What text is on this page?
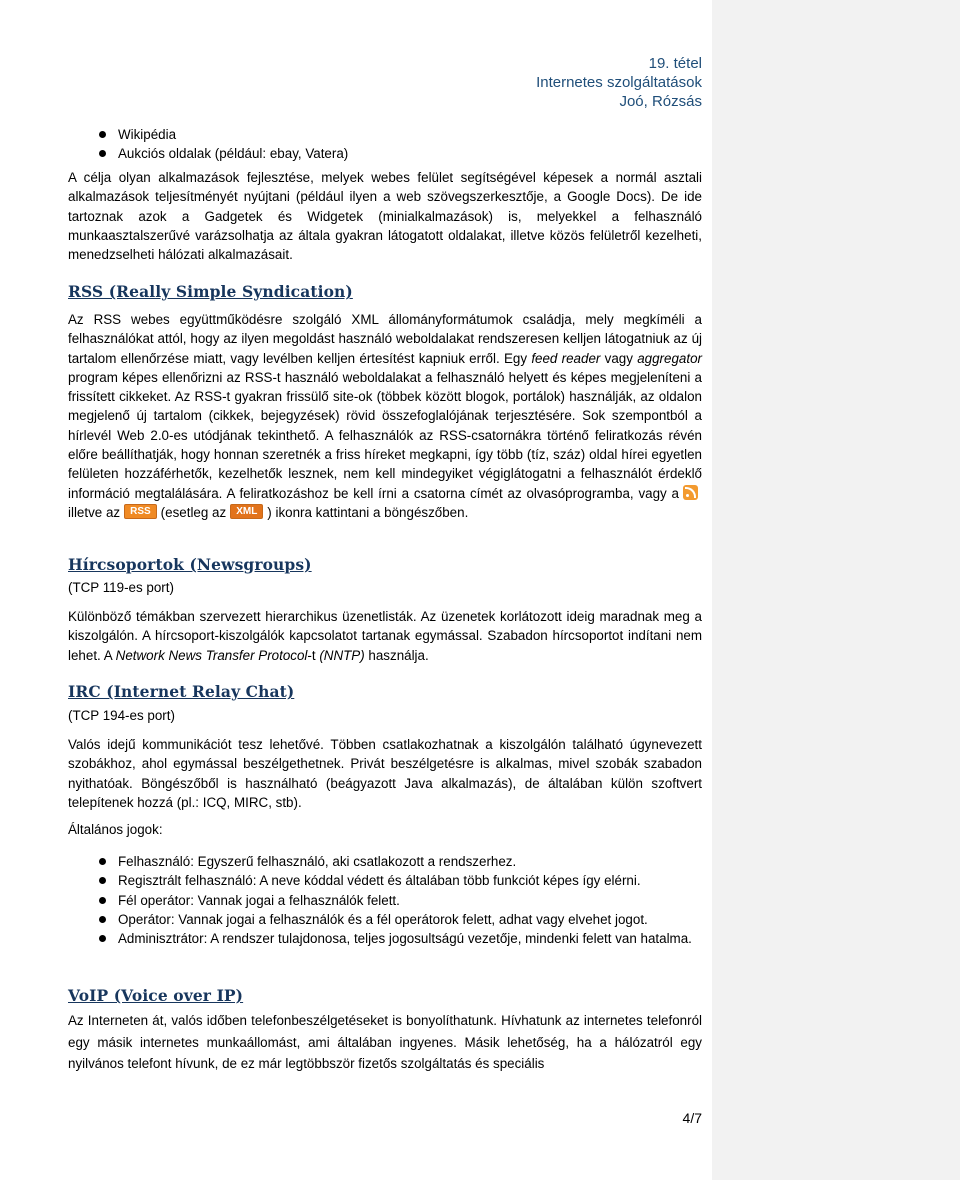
19. tétel
Internetes szolgáltatások
Joó, Rózsás
Wikipédia
Aukciós oldalak (például: ebay, Vatera)

A célja olyan alkalmazások fejlesztése, melyek webes felület segítségével képesek a normál asztali alkalmazások teljesítményét nyújtani (például ilyen a web szövegszerkesztője, a Google Docs). De ide tartoznak azok a Gadgetek és Widgetek (minialkalmazások) is, melyekkel a felhasználó munkaasztalszerűvé varázsolhatja az általa gyakran látogatott oldalakat, illetve közös felületről kezelheti, menedzselheti hálózati alkalmazásait.

RSS (Really Simple Syndication)

Az RSS webes együttműködésre szolgáló XML állományformátumok családja, mely megkíméli a felhasználókat attól, hogy az ilyen megoldást használó weboldalakat rendszeresen kelljen látogatniuk az új tartalom ellenőrzése miatt, vagy levélben kelljen értesítést kapniuk erről. Egy feed reader vagy aggregator program képes ellenőrizni az RSS-t használó weboldalakat a felhasználó helyett és képes megjeleníteni a frissített cikkeket. Az RSS-t gyakran frissülő site-ok (többek között blogok, portálok) használják, az oldalon megjelenő új tartalom (cikkek, bejegyzések) rövid összefoglalójának terjesztésére. Sok szempontból a hírlevél Web 2.0-es utódjának tekinthető. A felhasználók az RSS-csatornákra történő feliratkozás révén előre beállíthatják, hogy honnan szeretnék a friss híreket megkapni, így több (tíz, száz) oldal hírei egyetlen felületen hozzáférhetők, kezelhetők lesznek, nem kell mindegyiket végiglátogatni a felhasználót érdeklő információ megtalálására. A feliratkozáshoz be kell írni a csatorna címét az olvasóprogramba, vagy ailletve az RSS (esetleg az XML ) ikonra kattintani a böngészőben.

Hírcsoportok (Newsgroups)

(TCP 119-es port)

Különböző témákban szervezett hierarchikus üzenetlisták. Az üzenetek korlátozott ideig maradnak meg a kiszolgálón. A hírcsoport-kiszolgálók kapcsolatot tartanak egymással. Szabadon hírcsoportot indítani nem lehet. A Network News Transfer Protocol-t (NNTP) használja.

IRC (Internet Relay Chat)

(TCP 194-es port)

Valós idejű kommunikációt tesz lehetővé. Többen csatlakozhatnak a kiszolgálón található úgynevezett szobákhoz, ahol egymással beszélgethetnek. Privát beszélgetésre is alkalmas, mivel szobák szabadon nyithatóak. Böngészőből is használható (beágyazott Java alkalmazás), de általában külön szoftvert telepítenek hozzá (pl.: ICQ, MIRC, stb).

Általános jogok:

Felhasználó: Egyszerű felhasználó, aki csatlakozott a rendszerhez.
Regisztrált felhasználó: A neve kóddal védett és általában több funkciót képes így elérni.
Fél operátor: Vannak jogai a felhasználók felett.
Operátor: Vannak jogai a felhasználók és a fél operátorok felett, adhat vagy elvehet jogot.
Adminisztrátor: A rendszer tulajdonosa, teljes jogosultságú vezetője, mindenki felett van hatalma.
VoIP (Voice over IP)

Az Interneten át, valós időben telefonbeszélgetéseket is bonyolíthatunk. Hívhatunk az internetes telefonról egy másik internetes munkaállomást, ami általában ingyenes. Másik lehetőség, ha a hálózatról egy nyilvános telefont hívunk, de ez már legtöbbször fizetős szolgáltatás és speciális

4/7
